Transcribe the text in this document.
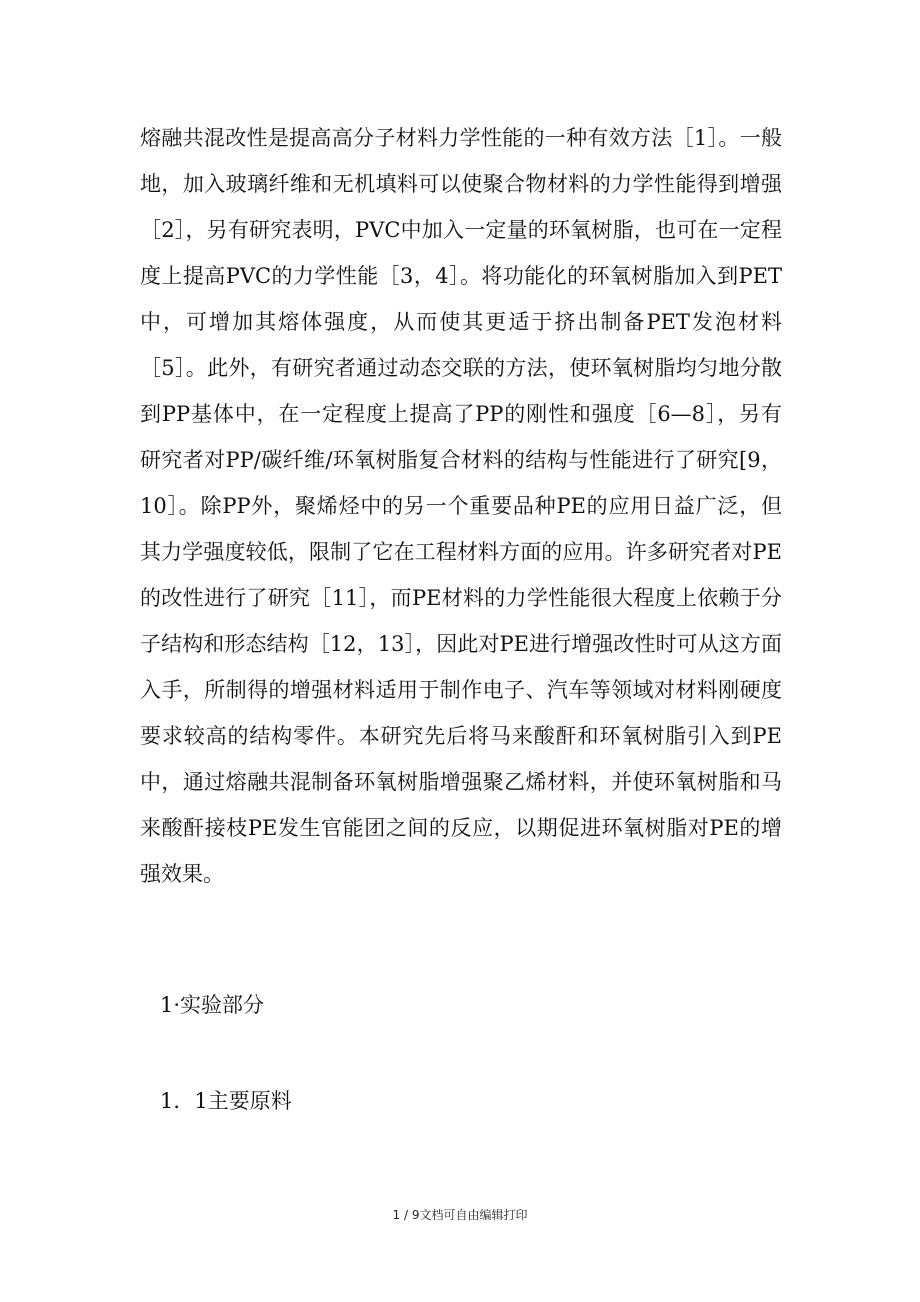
熔融共混改性是提高高分子材料力学性能的一种有效方法［1］。一般
地，加入玻璃纤维和无机填料可以使聚合物材料的力学性能得到增强
［2］，另有研究表明，PVC中加入一定量的环氧树脂，也可在一定程
度上提高PVC的力学性能［3，4］。将功能化的环氧树脂加入到PET
中，可增加其熔体强度，从而使其更适于挤出制备PET发泡材料
［5］。此外，有研究者通过动态交联的方法，使环氧树脂均匀地分散
到PP基体中，在一定程度上提高了PP的刚性和强度［6—8］，另有
研究者对PP/碳纤维/环氧树脂复合材料的结构与性能进行了研究[9，
10］。除PP外，聚烯烃中的另一个重要品种PE的应用日益广泛，但
其力学强度较低，限制了它在工程材料方面的应用。许多研究者对PE
的改性进行了研究［11］，而PE材料的力学性能很大程度上依赖于分
子结构和形态结构［12，13］，因此对PE进行增强改性时可从这方面
入手，所制得的增强材料适用于制作电子、汽车等领域对材料刚硬度
要求较高的结构零件。本研究先后将马来酸酐和环氧树脂引入到PE
中，通过熔融共混制备环氧树脂增强聚乙烯材料，并使环氧树脂和马
来酸酐接枝PE发生官能团之间的反应，以期促进环氧树脂对PE的增
强效果。
1·实验部分
1．1主要原料
1 / 9文档可自由编辑打印
